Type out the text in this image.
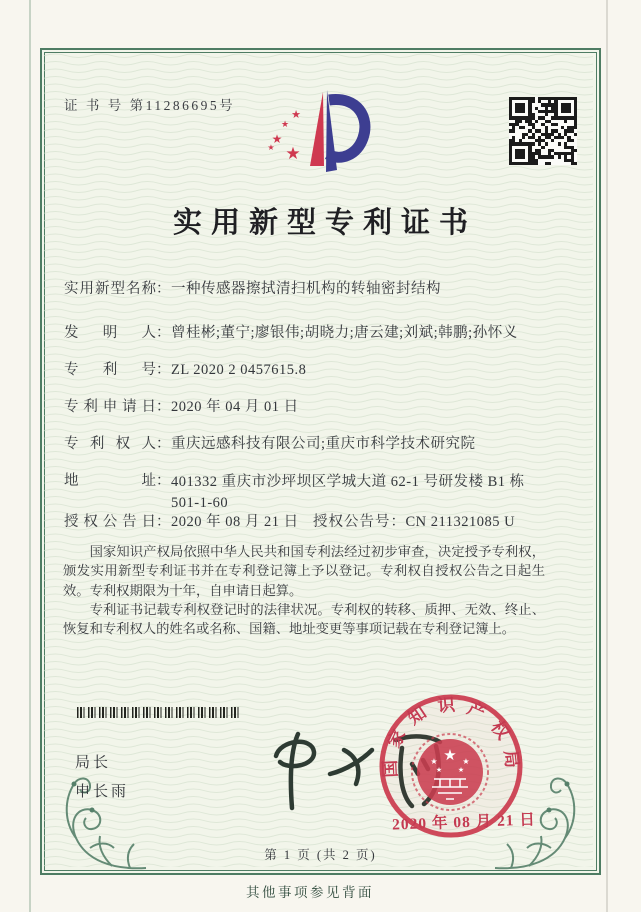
证 书 号 第11286695号
★
★
★
★
★
实用新型专利证书
实用新型名称 ： 一种传感器擦拭清扫机构的转轴密封结构
发明人 ： 曾桂彬;董宁;廖银伟;胡晓力;唐云建;刘斌;韩鹏;孙怀义
专利号 ： ZL 2020 2 0457615.8
专利申请日 ： 2020 年 04 月 01 日
专利权人 ： 重庆远感科技有限公司;重庆市科学技术研究院
地址 ： 401332 重庆市沙坪坝区学城大道 62-1 号研发楼 B1 栋 501-1-60
授权公告日 ： 2020 年 08 月 21 日 授权公告号 ： CN 211321085 U

国家知识产权局依照中华人民共和国专利法经过初步审查，决定授予专利权，颁发实用新型专利证书并在专利登记簿上予以登记。专利权自授权公告之日起生效。专利权期限为十年，自申请日起算。

专利证书记载专利权登记时的法律状况。专利权的转移、质押、无效、终止、恢复和专利权人的姓名或名称、国籍、地址变更等事项记载在专利登记簿上。

局长
申长雨
国家知识产权局
★
★	★
★ ★
2020 年 08 月 21 日
第 1 页 (共 2 页)
其他事项参见背面
